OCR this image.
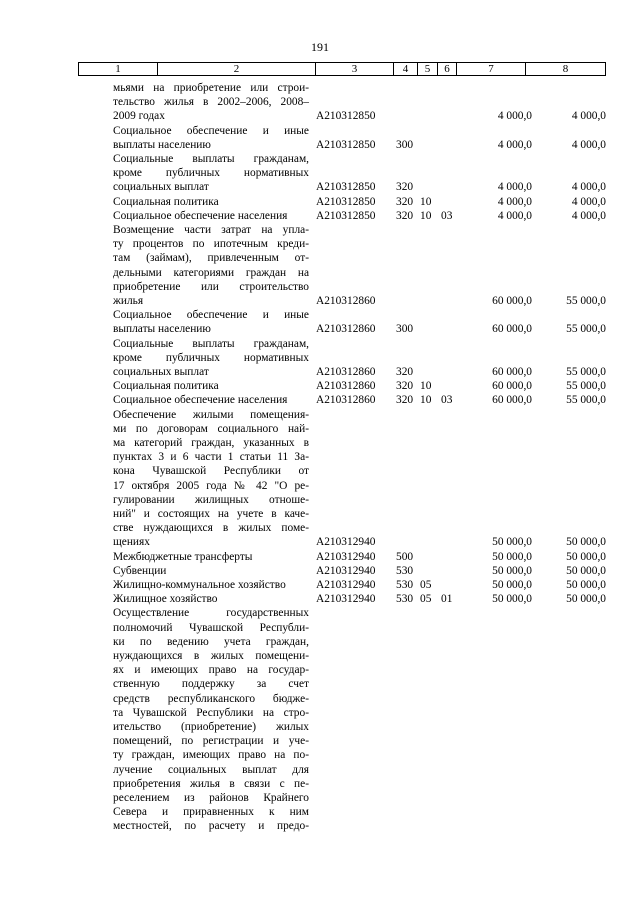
191
1	2	3	4	5	6	7	8
мьями на приобретение или строи-
тельство жилья в 2002–2006, 2008–
2009 годах	А210312850	4 000,0	4 000,0
Социальное обеспечение и иные
выплаты населению	А210312850 300	4 000,0	4 000,0
Социальные выплаты гражданам,
кроме публичных нормативных
социальных выплат	А210312850 320	4 000,0	4 000,0
Социальная политика	А210312850 320 10	4 000,0	4 000,0
Социальное обеспечение населения	А210312850 320 10 03	4 000,0	4 000,0
Возмещение части затрат на упла-
ту процентов по ипотечным креди-
там (займам), привлеченным от-
дельными категориями граждан на
приобретение или строительство
жилья	А210312860	60 000,0	55 000,0
Социальное обеспечение и иные
выплаты населению	А210312860 300	60 000,0	55 000,0
Социальные выплаты гражданам,
кроме публичных нормативных
социальных выплат	А210312860 320	60 000,0	55 000,0
Социальная политика	А210312860 320 10	60 000,0	55 000,0
Социальное обеспечение населения	А210312860 320 10 03	60 000,0	55 000,0
Обеспечение жилыми помещения-
ми по договорам социального най-
ма категорий граждан, указанных в
пунктах 3 и 6 части 1 статьи 11 За-
кона Чувашской Республики от
17 октября 2005 года № 42 "О ре-
гулировании жилищных отноше-
ний" и состоящих на учете в каче-
стве нуждающихся в жилых поме-
щениях	А210312940	50 000,0	50 000,0
Межбюджетные трансферты	А210312940 500	50 000,0	50 000,0
Субвенции	А210312940 530	50 000,0	50 000,0
Жилищно-коммунальное хозяйство	А210312940 530 05	50 000,0	50 000,0
Жилищное хозяйство	А210312940 530 05 01	50 000,0	50 000,0
Осуществление государственных
полномочий Чувашской Республи-
ки по ведению учета граждан,
нуждающихся в жилых помещени-
ях и имеющих право на государ-
ственную поддержку за счет
средств республиканского бюдже-
та Чувашской Республики на стро-
ительство (приобретение) жилых
помещений, по регистрации и уче-
ту граждан, имеющих право на по-
лучение социальных выплат для
приобретения жилья в связи с пе-
реселением из районов Крайнего
Севера и приравненных к ним
местностей, по расчету и предо-
